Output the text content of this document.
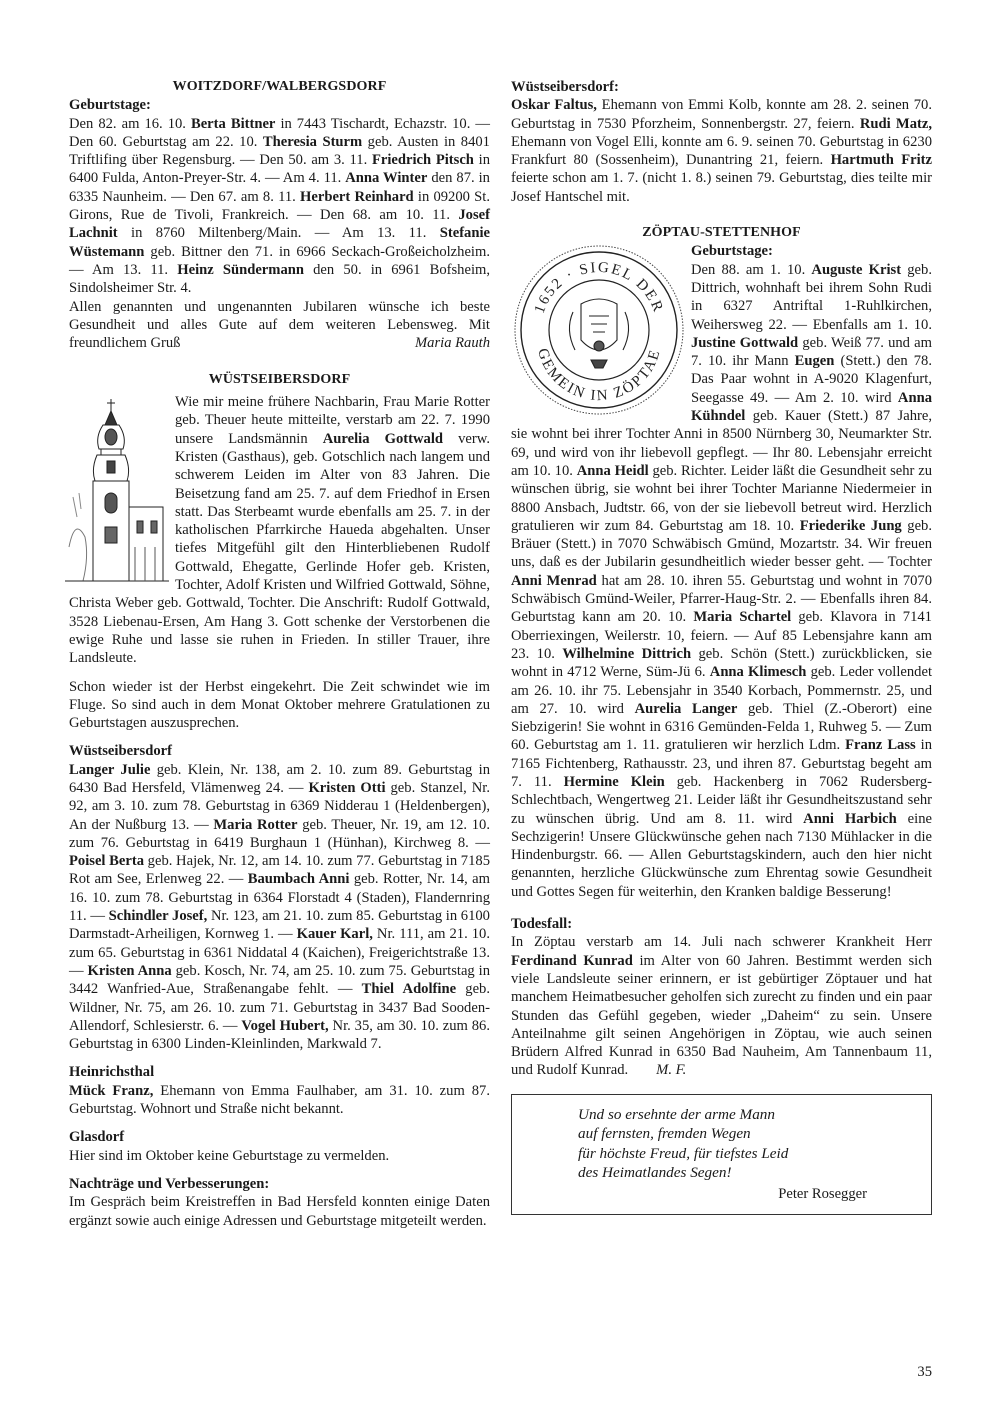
WOITZDORF/WALBERGSDORF

Geburtstage:

Den 82. am 16. 10. Berta Bittner in 7443 Tischardt, Echazstr. 10. — Den 60. Geburtstag am 22. 10. Theresia Sturm geb. Austen in 8401 Triftlifing über Regensburg. — Den 50. am 3. 11. Friedrich Pitsch in 6400 Fulda, Anton-Preyer-Str. 4. — Am 4. 11. Anna Winter den 87. in 6335 Naunheim. — Den 67. am 8. 11. Herbert Reinhard in 09200 St. Girons, Rue de Tivoli, Frankreich. — Den 68. am 10. 11. Josef Lachnit in 8760 Miltenberg/Main. — Am 13. 11. Stefanie Wüstemann geb. Bittner den 71. in 6966 Seckach-Großeicholzheim. — Am 13. 11. Heinz Sündermann den 50. in 6961 Bofsheim, Sindolsheimer Str. 4.

Allen genannten und ungenannten Jubilaren wünsche ich beste Gesundheit und alles Gute auf dem weiteren Lebensweg. Mit freundlichem Gruß	Maria Rauth

WÜSTSEIBERSDORF

Wie mir meine frühere Nachbarin, Frau Marie Rotter geb. Theuer heute mitteilte, verstarb am 22. 7. 1990 unsere Landsmännin Aurelia Gottwald verw. Kristen (Gasthaus), geb. Gotschlich nach langem und schwerem Leiden im Alter von 83 Jahren. Die Beisetzung fand am 25. 7. auf dem Friedhof in Ersen statt. Das Sterbeamt wurde ebenfalls am 25. 7. in der katholischen Pfarrkirche Haueda abgehalten. Unser tiefes Mitgefühl gilt den Hinterbliebenen Rudolf Gottwald, Ehegatte, Gerlinde Hofer geb. Kristen, Tochter, Adolf Kristen und Wilfried Gottwald, Söhne, Christa Weber geb. Gottwald, Tochter. Die Anschrift: Rudolf Gottwald, 3528 Liebenau-Ersen, Am Hang 3. Gott schenke der Verstorbenen die ewige Ruhe und lasse sie ruhen in Frieden. In stiller Trauer, ihre Landsleute.

Schon wieder ist der Herbst eingekehrt. Die Zeit schwindet wie im Fluge. So sind auch in dem Monat Oktober mehrere Gratulationen zu Geburtstagen auszusprechen.

Wüstseibersdorf

Langer Julie geb. Klein, Nr. 138, am 2. 10. zum 89. Geburtstag in 6430 Bad Hersfeld, Vlämenweg 24. — Kristen Otti geb. Stanzel, Nr. 92, am 3. 10. zum 78. Geburtstag in 6369 Nidderau 1 (Heldenbergen), An der Nußburg 13. — Maria Rotter geb. Theuer, Nr. 19, am 12. 10. zum 76. Geburtstag in 6419 Burghaun 1 (Hünhan), Kirchweg 8. — Poisel Berta geb. Hajek, Nr. 12, am 14. 10. zum 77. Geburtstag in 7185 Rot am See, Erlenweg 22. — Baumbach Anni geb. Rotter, Nr. 14, am 16. 10. zum 78. Geburtstag in 6364 Florstadt 4 (Staden), Flandernring 11. — Schindler Josef, Nr. 123, am 21. 10. zum 85. Geburtstag in 6100 Darmstadt-Arheiligen, Kornweg 1. — Kauer Karl, Nr. 111, am 21. 10. zum 65. Geburtstag in 6361 Niddatal 4 (Kaichen), Freigerichtstraße 13. — Kristen Anna geb. Kosch, Nr. 74, am 25. 10. zum 75. Geburtstag in 3442 Wanfried-Aue, Straßenangabe fehlt. — Thiel Adolfine geb. Wildner, Nr. 75, am 26. 10. zum 71. Geburtstag in 3437 Bad Sooden-Allendorf, Schlesierstr. 6. — Vogel Hubert, Nr. 35, am 30. 10. zum 86. Geburtstag in 6300 Linden-Kleinlinden, Markwald 7.

Heinrichsthal

Mück Franz, Ehemann von Emma Faulhaber, am 31. 10. zum 87. Geburtstag. Wohnort und Straße nicht bekannt.

Glasdorf

Hier sind im Oktober keine Geburtstage zu vermelden.

Nachträge und Verbesserungen:

Im Gespräch beim Kreistreffen in Bad Hersfeld konnten einige Daten ergänzt sowie auch einige Adressen und Geburtstage mitgeteilt werden.

Wüstseibersdorf:

Oskar Faltus, Ehemann von Emmi Kolb, konnte am 28. 2. seinen 70. Geburtstag in 7530 Pforzheim, Sonnenbergstr. 27, feiern. Rudi Matz, Ehemann von Vogel Elli, konnte am 6. 9. seinen 70. Geburtstag in 6230 Frankfurt 80 (Sossenheim), Dunantring 21, feiern. Hartmuth Fritz feierte schon am 1. 7. (nicht 1. 8.) seinen 79. Geburtstag, dies teilte mir Josef Hantschel mit.

ZÖPTAU-STETTENHOF

1652 · SIGEL DER
GEMEIN IN ZÖPTAE

Geburtstage:

Den 88. am 1. 10. Auguste Krist geb. Dittrich, wohnhaft bei ihrem Sohn Rudi in 6327 Antriftal 1-Ruhlkirchen, Weihersweg 22. — Ebenfalls am 1. 10. Justine Gottwald geb. Weiß 77. und am 7. 10. ihr Mann Eugen (Stett.) den 78. Das Paar wohnt in A-9020 Klagenfurt, Seegasse 49. — Am 2. 10. wird Anna Kühndel geb. Kauer (Stett.) 87 Jahre, sie wohnt bei ihrer Tochter Anni in 8500 Nürnberg 30, Neumarkter Str. 69, und wird von ihr liebevoll gepflegt. — Ihr 80. Lebensjahr erreicht am 10. 10. Anna Heidl geb. Richter. Leider läßt die Gesundheit sehr zu wünschen übrig, sie wohnt bei ihrer Tochter Marianne Niedermeier in 8800 Ansbach, Judtstr. 66, von der sie liebevoll betreut wird. Herzlich gratulieren wir zum 84. Geburtstag am 18. 10. Friederike Jung geb. Bräuer (Stett.) in 7070 Schwäbisch Gmünd, Mozartstr. 34. Wir freuen uns, daß es der Jubilarin gesundheitlich wieder besser geht. — Tochter Anni Menrad hat am 28. 10. ihren 55. Geburtstag und wohnt in 7070 Schwäbisch Gmünd-Weiler, Pfarrer-Haug-Str. 2. — Ebenfalls ihren 84. Geburtstag kann am 20. 10. Maria Schartel geb. Klavora in 7141 Oberriexingen, Weilerstr. 10, feiern. — Auf 85 Lebensjahre kann am 23. 10. Wilhelmine Dittrich geb. Schön (Stett.) zurückblicken, sie wohnt in 4712 Werne, Süm-Jü 6. Anna Klimesch geb. Leder vollendet am 26. 10. ihr 75. Lebensjahr in 3540 Korbach, Pommernstr. 25, und am 27. 10. wird Aurelia Langer geb. Thiel (Z.-Oberort) eine Siebzigerin! Sie wohnt in 6316 Gemünden-Felda 1, Ruhweg 5. — Zum 60. Geburtstag am 1. 11. gratulieren wir herzlich Ldm. Franz Lass in 7165 Fichtenberg, Rathausstr. 23, und ihren 87. Geburtstag begeht am 7. 11. Hermine Klein geb. Hackenberg in 7062 Rudersberg-Schlechtbach, Wengertweg 21. Leider läßt ihr Gesundheitszustand sehr zu wünschen übrig. Und am 8. 11. wird Anni Harbich eine Sechzigerin! Unsere Glückwünsche gehen nach 7130 Mühlacker in die Hindenburgstr. 66. — Allen Geburtstagskindern, auch den hier nicht genannten, herzliche Glückwünsche zum Ehrentag sowie Gesundheit und Gottes Segen für weiterhin, den Kranken baldige Besserung!

Todesfall:

In Zöptau verstarb am 14. Juli nach schwerer Krankheit Herr Ferdinand Kunrad im Alter von 60 Jahren. Bestimmt werden sich viele Landsleute seiner erinnern, er ist gebürtiger Zöptauer und hat manchem Heimatbesucher geholfen sich zurecht zu finden und ein paar Stunden das Gefühl gegeben, wieder „Daheim“ zu sein. Unsere Anteilnahme gilt seinen Angehörigen in Zöptau, wie auch seinen Brüdern Alfred Kunrad in 6350 Bad Nauheim, Am Tannenbaum 11, und Rudolf Kunrad. M. F.

Und so ersehnte der arme Mann
auf fernsten, fremden Wegen
für höchste Freud, für tiefstes Leid
des Heimatlandes Segen!
Peter Rosegger
35
